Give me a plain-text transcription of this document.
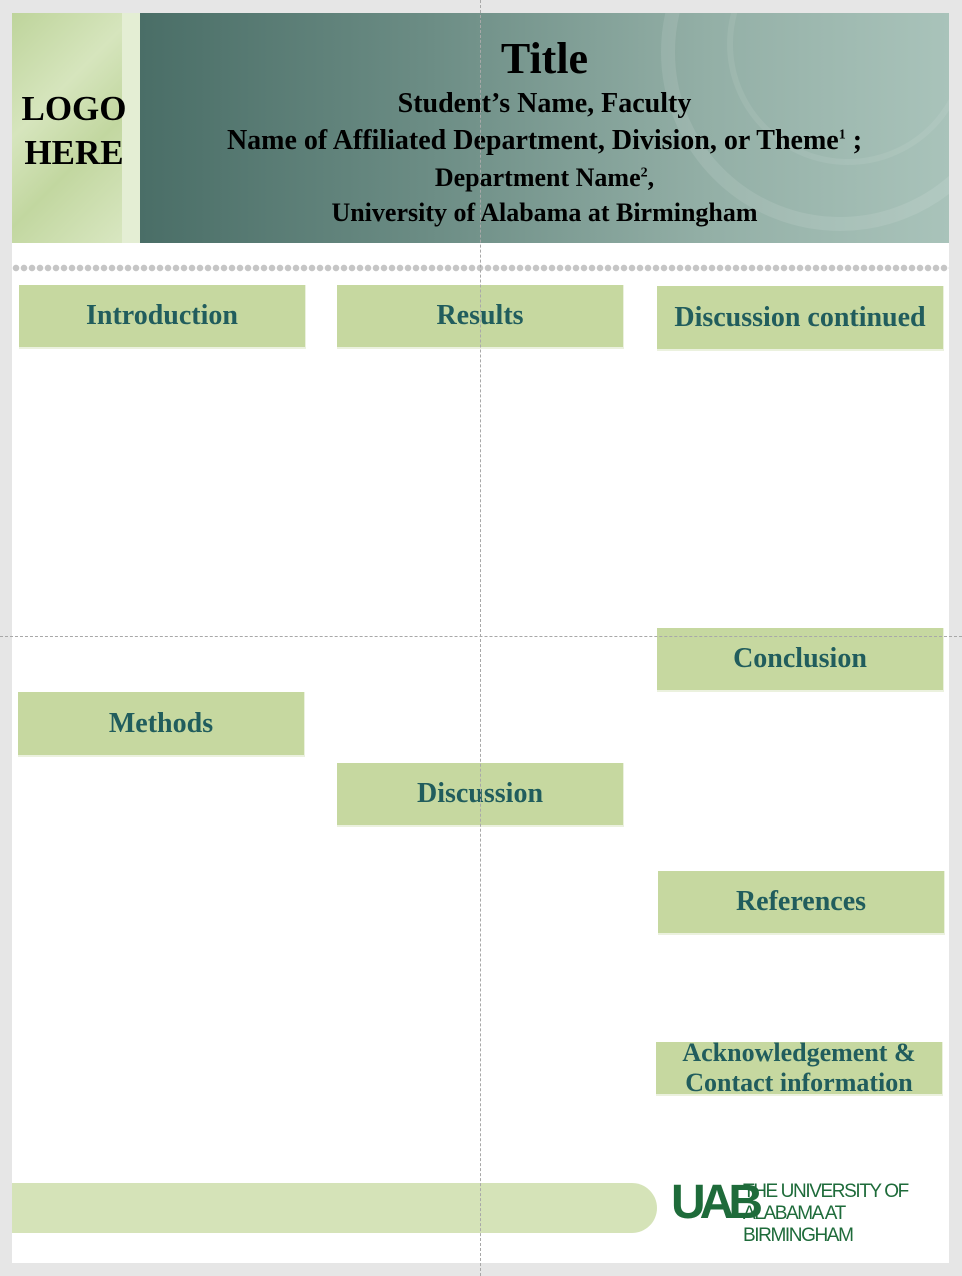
LOGO HERE
Title
Student’s Name, Faculty
Name of Affiliated Department, Division, or Theme$^1$ ;
Department Name$^2$,
University of Alabama at Birmingham
Introduction
Methods
Results
Discussion
Discussion continued
Conclusion
References
Acknowledgement &
Contact information
UAB
THE UNIVERSITY OF
ALABAMA AT BIRMINGHAM
